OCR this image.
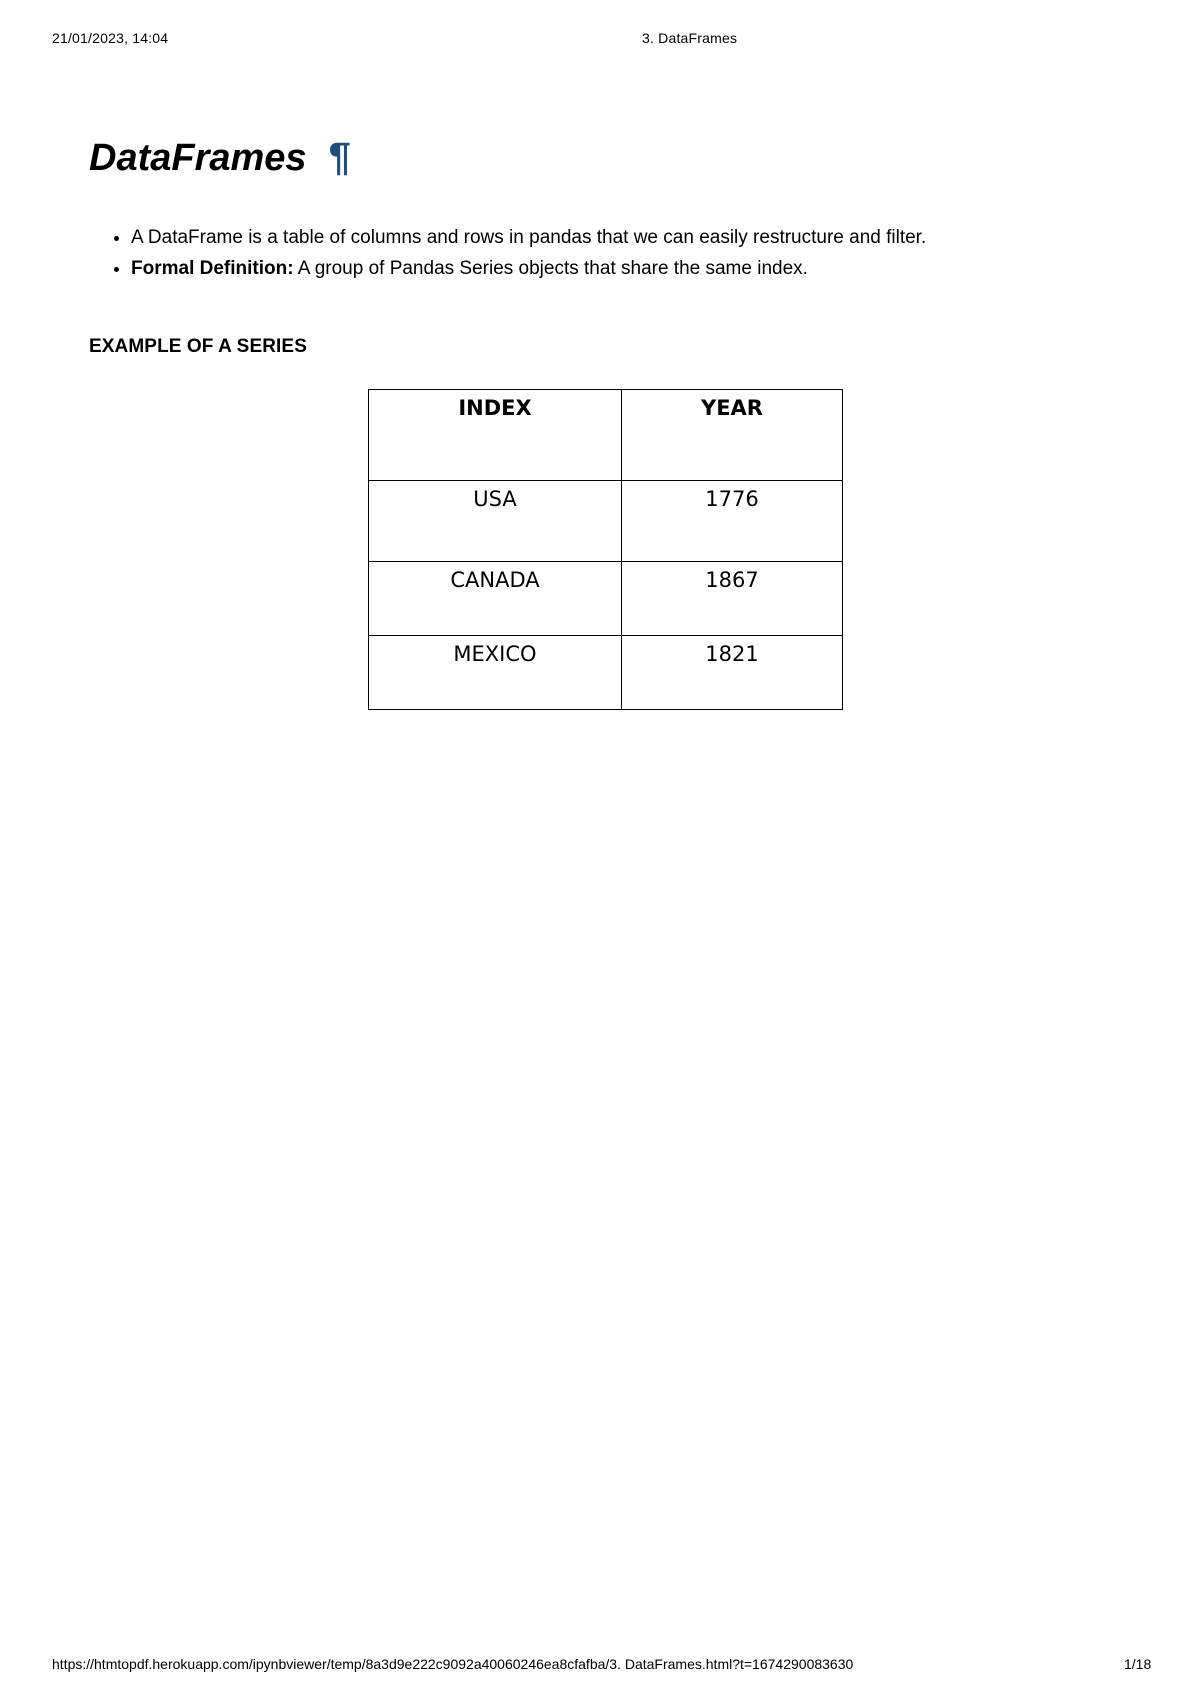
21/01/2023, 14:04	3. DataFrames
DataFrames ¶
• A DataFrame is a table of columns and rows in pandas that we can easily restructure and filter.
• Formal Definition: A group of Pandas Series objects that share the same index.
EXAMPLE OF A SERIES
INDEX	YEAR
USA	1776
CANADA	1867
MEXICO	1821
https://htmtopdf.herokuapp.com/ipynbviewer/temp/8a3d9e222c9092a40060246ea8cfafba/3. DataFrames.html?t=1674290083630	1/18
